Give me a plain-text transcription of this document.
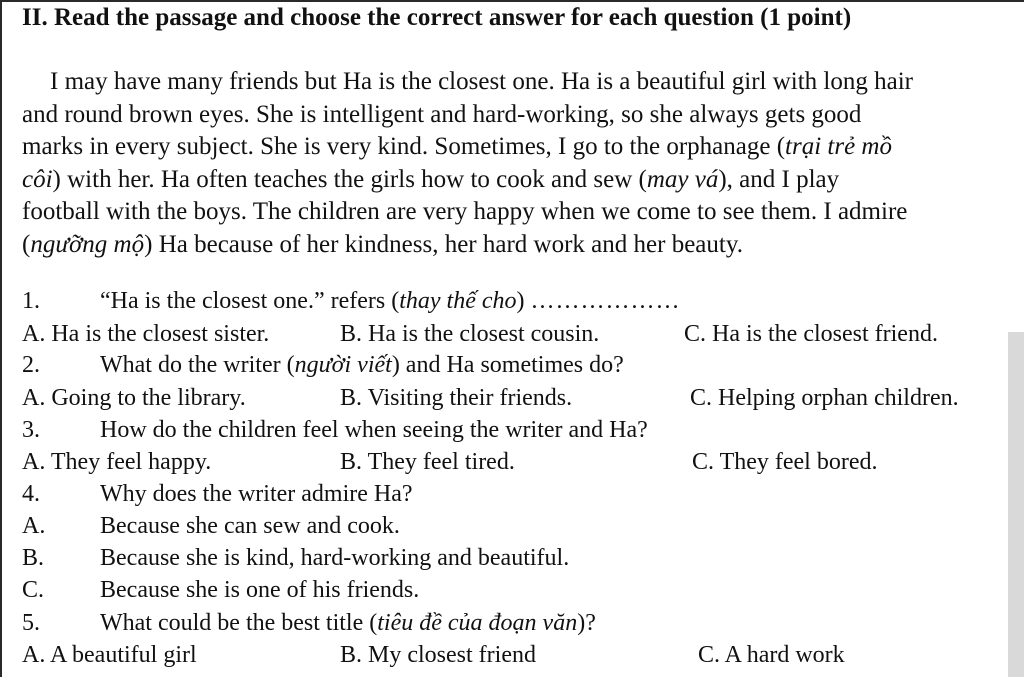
II. Read the passage and choose the correct answer for each question (1 point)
I may have many friends but Ha is the closest one. Ha is a beautiful girl with long hair
and round brown eyes. She is intelligent and hard-working, so she always gets good
marks in every subject. She is very kind. Sometimes, I go to the orphanage (trại trẻ mồ
côi) with her. Ha often teaches the girls how to cook and sew (may vá), and I play
football with the boys. The children are very happy when we come to see them. I admire
(ngưỡng mộ) Ha because of her kindness, her hard work and her beauty.
1.	“Ha is the closest one.” refers (thay thế cho) ………………
A. Ha is the closest sister.	B. Ha is the closest cousin.	C. Ha is the closest friend.
2.	What do the writer (người viết) and Ha sometimes do?
A. Going to the library.	B. Visiting their friends.	C. Helping orphan children.
3.	How do the children feel when seeing the writer and Ha?
A. They feel happy.	B. They feel tired.	C. They feel bored.
4.	Why does the writer admire Ha?
A. Because she can sew and cook.
B. Because she is kind, hard-working and beautiful.
C. Because she is one of his friends.
5.	What could be the best title (tiêu đề của đoạn văn)?
A. A beautiful girl	B. My closest friend	C. A hard work
